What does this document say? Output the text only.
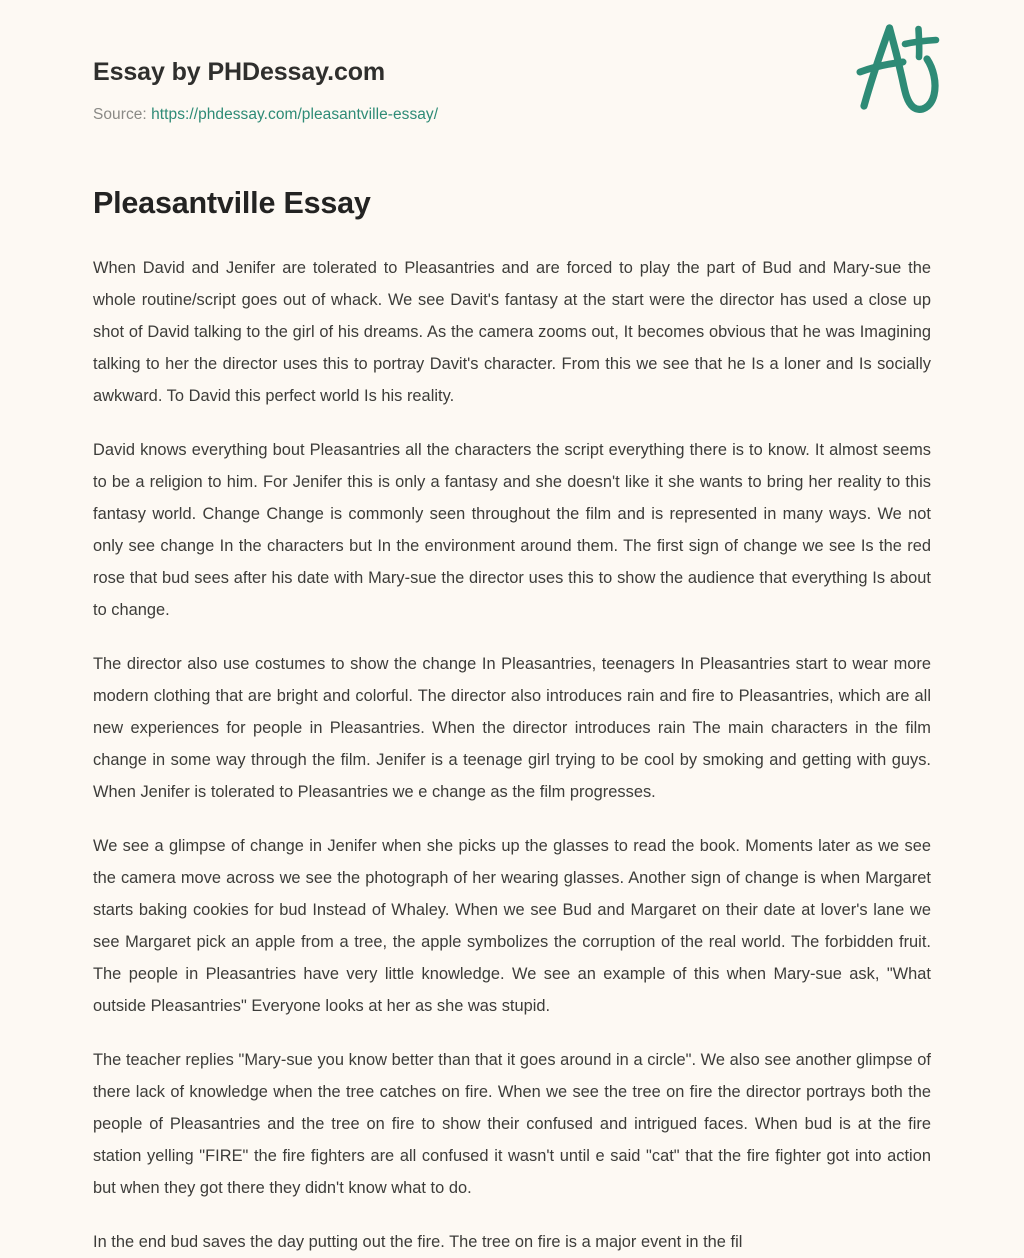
Essay by PHDessay.com
Source: https://phdessay.com/pleasantville-essay/
Pleasantville Essay

When David and Jenifer are tolerated to Pleasantries and are forced to play the part of Bud and Mary-sue the whole routine/script goes out of whack. We see Davit's fantasy at the start were the director has used a close up shot of David talking to the girl of his dreams. As the camera zooms out, It becomes obvious that he was Imagining talking to her the director uses this to portray Davit's character. From this we see that he Is a loner and Is socially awkward. To David this perfect world Is his reality.

David knows everything bout Pleasantries all the characters the script everything there is to know. It almost seems to be a religion to him. For Jenifer this is only a fantasy and she doesn't like it she wants to bring her reality to this fantasy world. Change Change is commonly seen throughout the film and is represented in many ways. We not only see change In the characters but In the environment around them. The first sign of change we see Is the red rose that bud sees after his date with Mary-sue the director uses this to show the audience that everything Is about to change.

The director also use costumes to show the change In Pleasantries, teenagers In Pleasantries start to wear more modern clothing that are bright and colorful. The director also introduces rain and fire to Pleasantries, which are all new experiences for people in Pleasantries. When the director introduces rain The main characters in the film change in some way through the film. Jenifer is a teenage girl trying to be cool by smoking and getting with guys. When Jenifer is tolerated to Pleasantries we e change as the film progresses.

We see a glimpse of change in Jenifer when she picks up the glasses to read the book. Moments later as we see the camera move across we see the photograph of her wearing glasses. Another sign of change is when Margaret starts baking cookies for bud Instead of Whaley. When we see Bud and Margaret on their date at lover's lane we see Margaret pick an apple from a tree, the apple symbolizes the corruption of the real world. The forbidden fruit. The people in Pleasantries have very little knowledge. We see an example of this when Mary-sue ask, "What outside Pleasantries" Everyone looks at her as she was stupid.

The teacher replies "Mary-sue you know better than that it goes around in a circle". We also see another glimpse of there lack of knowledge when the tree catches on fire. When we see the tree on fire the director portrays both the people of Pleasantries and the tree on fire to show their confused and intrigued faces. When bud is at the fire station yelling "FIRE" the fire fighters are all confused it wasn't until e said "cat" that the fire fighter got into action but when they got there they didn't know what to do.

In the end bud saves the day putting out the fire. The tree on fire is a major event in the fil
